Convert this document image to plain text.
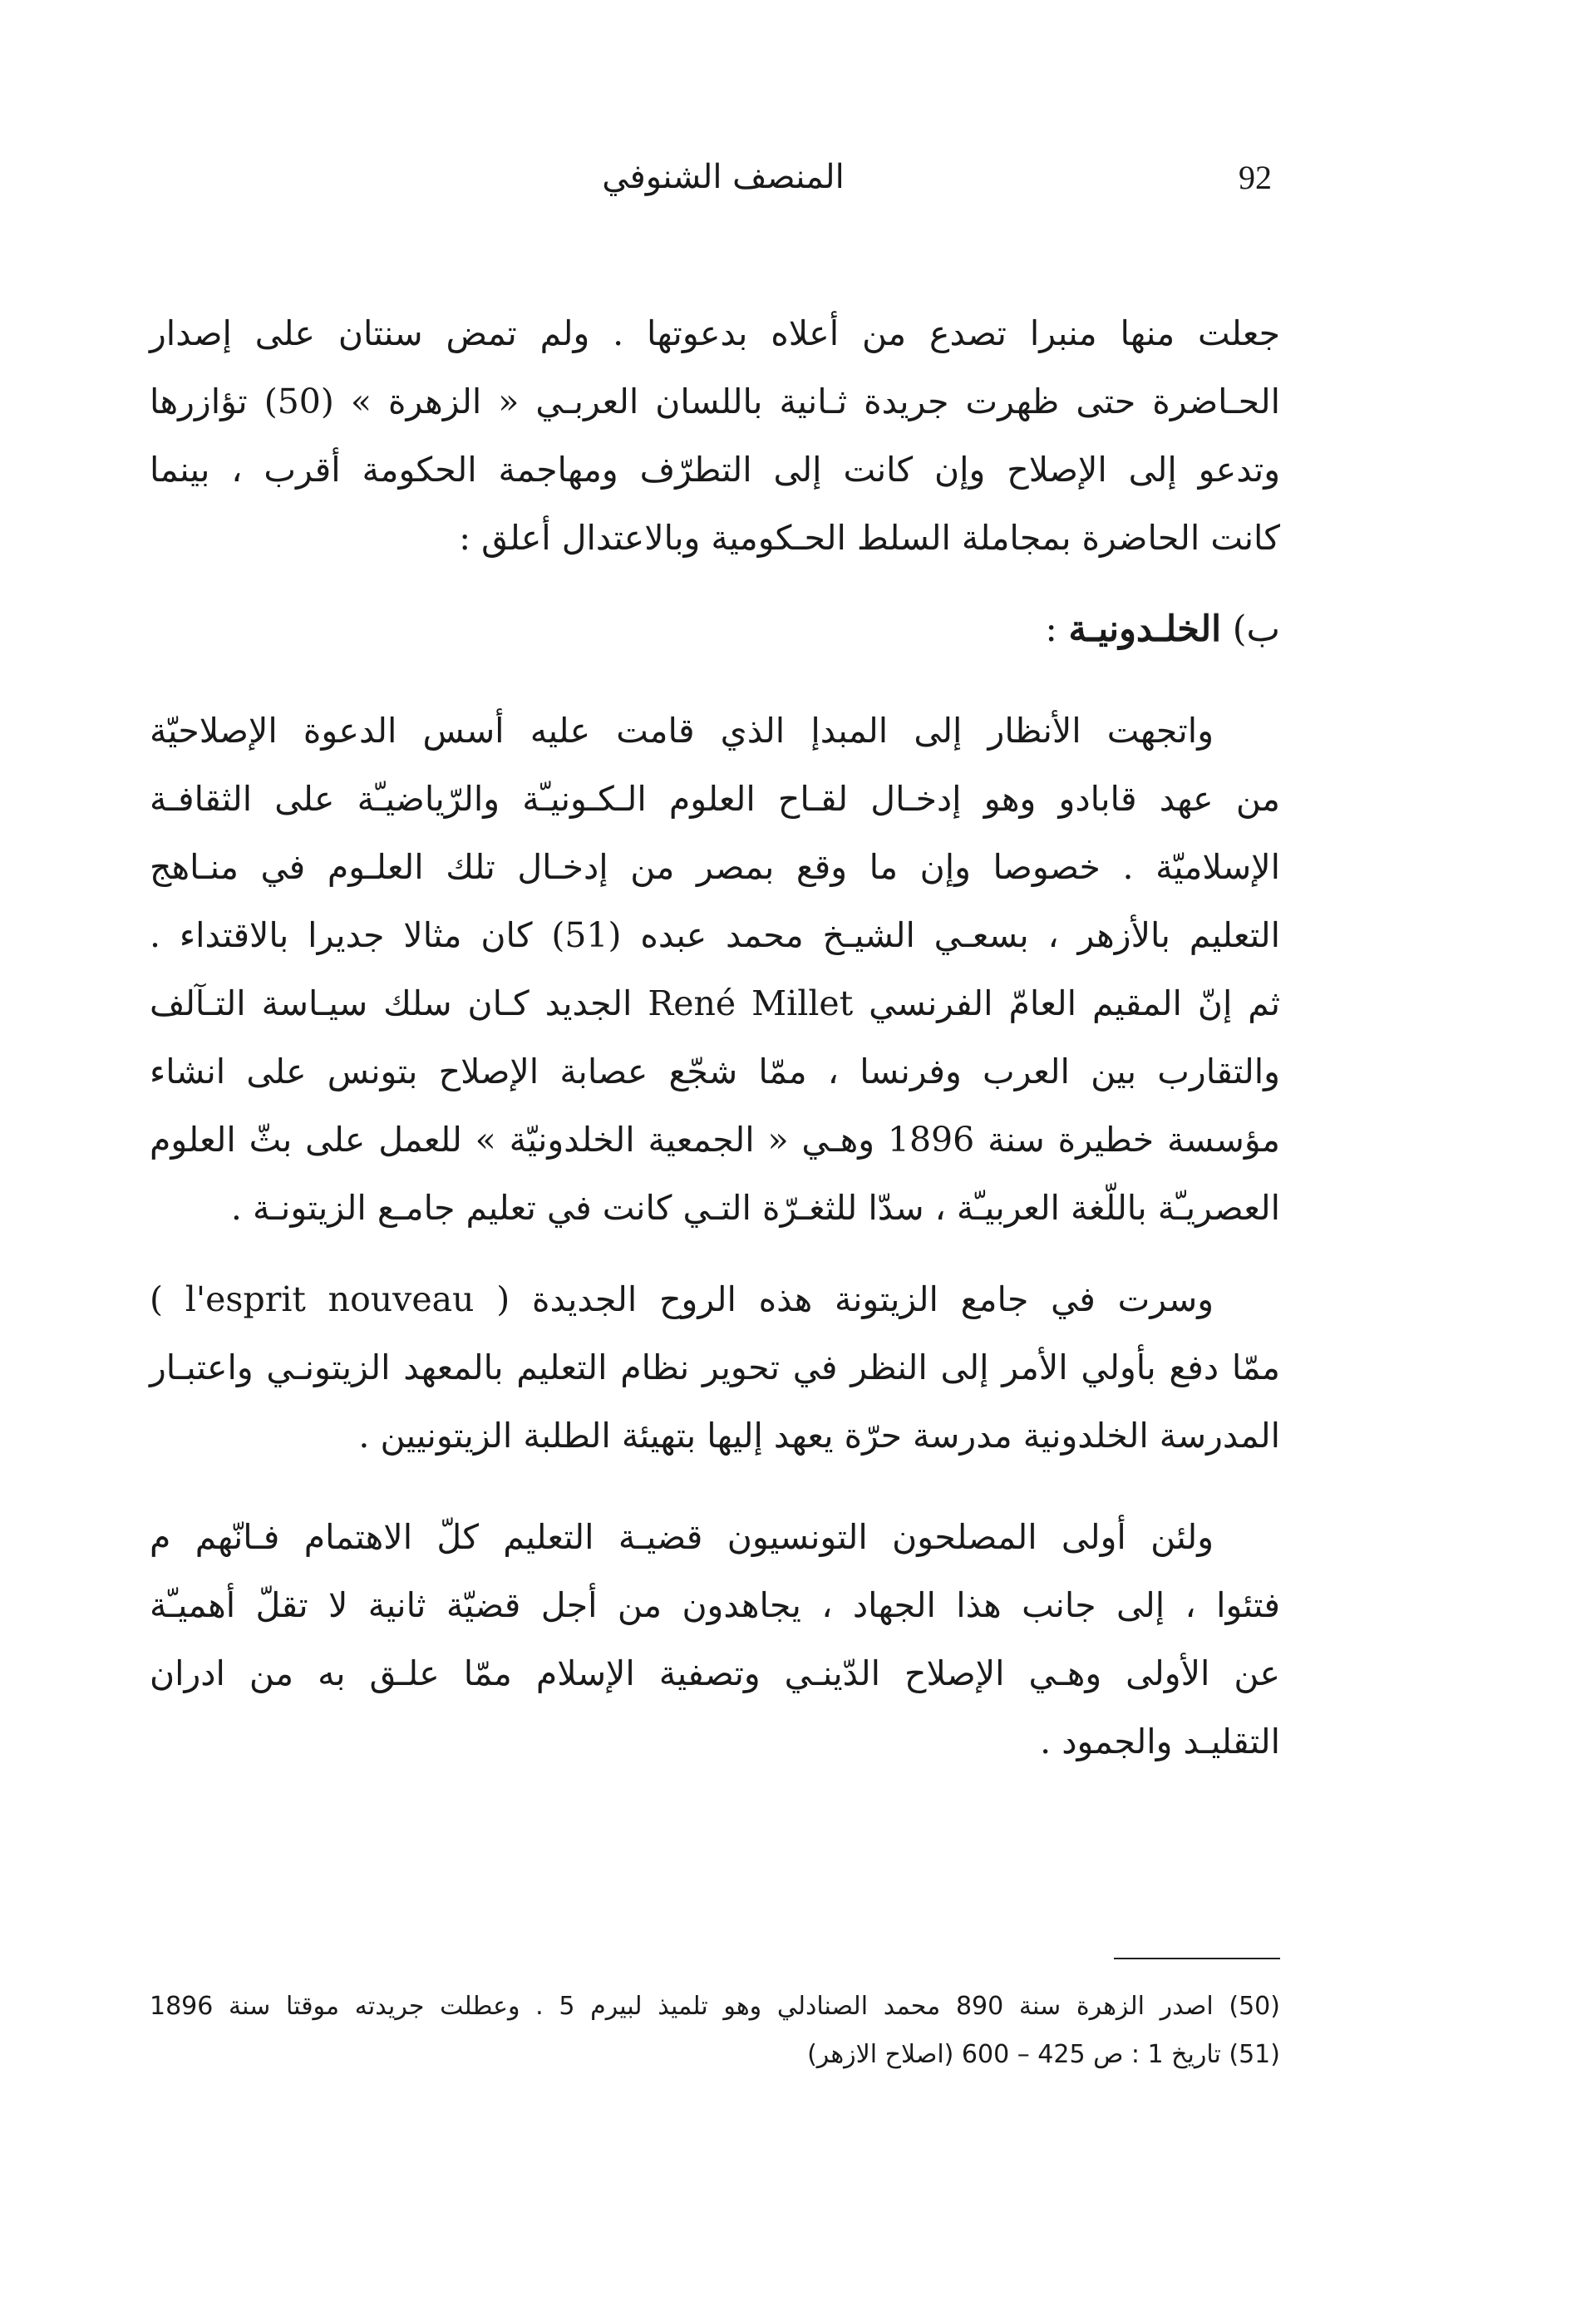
92
المنصف الشنوفي
جعلت منها منبرا تصدع من أعلاه بدعوتها . ولم تمض سنتان على إصدار
الحـاضرة حتى ظهرت جريدة ثـانية باللسان العربـي « الزهرة » (50) تؤازرها
وتدعو إلى الإصلاح وإن كانت إلى التطرّف ومهاجمة الحكومة أقرب ، بينما
كانت الحاضرة بمجاملة السلط الحـكومية وبالاعتدال أعلق :
ب) الخلـدونيـة :
واتجهت الأنظار إلى المبدإ الذي قامت عليه أسس الدعوة الإصلاحيّة
من عهد قابادو وهو إدخـال لقـاح العلوم الـكـونيـّة والرّياضيـّة على الثقافـة
الإسلاميّة . خصوصا وإن ما وقع بمصر من إدخـال تلك العلـوم في منـاهج
التعليم بالأزهر ، بسعـي الشيـخ محمد عبده (51) كان مثالا جديرا بالاقتداء .
ثم إنّ المقيم العامّ الفرنسي René Millet الجديد كـان سلك سيـاسة التـآلف
والتقارب بين العرب وفرنسا ، ممّا شجّع عصابة الإصلاح بتونس على انشاء
مؤسسة خطيرة سنة 1896 وهـي « الجمعية الخلدونيّة » للعمل على بثّ العلوم
العصريـّة باللّغة العربيـّة ، سدّا للثغـرّة التـي كانت في تعليم جامـع الزيتونـة .
وسرت في جامع الزيتونة هذه الروح الجديدة ( l'esprit nouveau )
ممّا دفع بأولي الأمر إلى النظر في تحوير نظام التعليم بالمعهد الزيتونـي واعتبـار
المدرسة الخلدونية مدرسة حرّة يعهد إليها بتهيئة الطلبة الزيتونيين .
ولئن أولى المصلحون التونسيون قضيـة التعليم كلّ الاهتمام فـانّهم م
فتئوا ، إلى جانب هذا الجهاد ، يجاهدون من أجل قضيّة ثانية لا تقلّ أهميـّة
عن الأولى وهـي الإصلاح الدّينـي وتصفية الإسلام ممّا علـق به من ادران
التقليـد والجمود .
(50) اصدر الزهرة سنة 890 محمد الصنادلي وهو تلميذ لبيرم 5 . وعطلت جريدته موقتا سنة 1896
(51) تاريخ 1 : ص 425 – 600 (اصلاح الازهر)
